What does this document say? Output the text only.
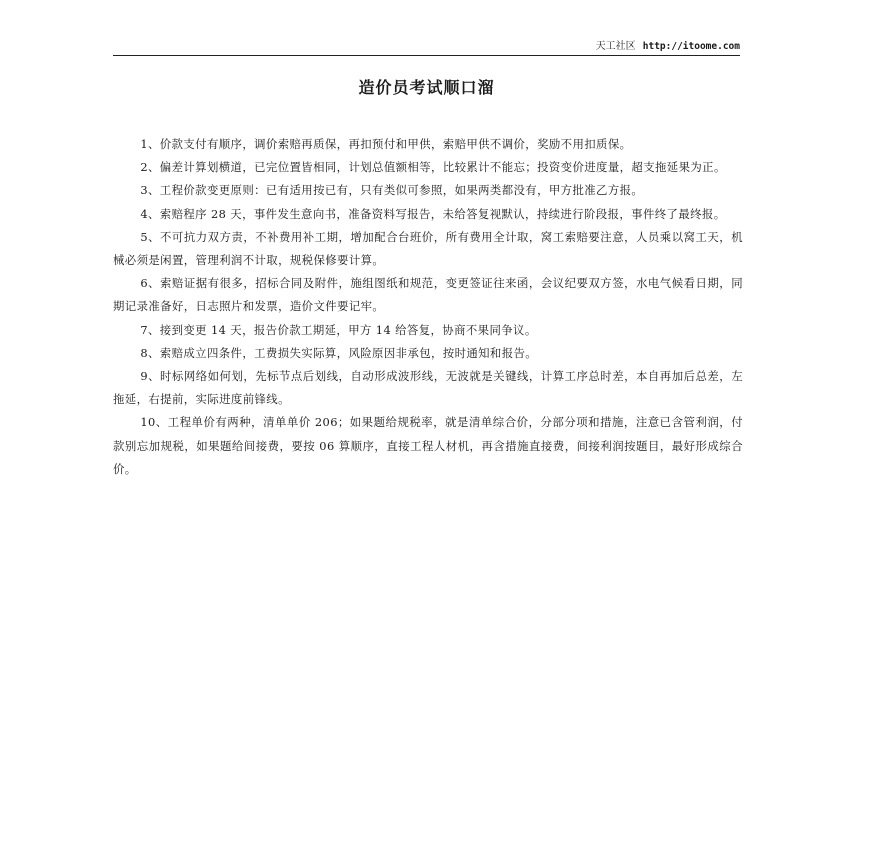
天工社区 http://itoome.com
造价员考试顺口溜

1、价款支付有顺序，调价索赔再质保，再扣预付和甲供，索赔甲供不调价，奖励不用扣质保。

2、偏差计算划横道，已完位置皆相同，计划总值额相等，比较累计不能忘；投资变价进度量，超支拖延果为正。

3、工程价款变更原则：已有适用按已有，只有类似可参照，如果两类都没有，甲方批准乙方报。

4、索赔程序 28 天，事件发生意向书，准备资料写报告，未给答复视默认，持续进行阶段报，事件终了最终报。

5、不可抗力双方责，不补费用补工期，增加配合台班价，所有费用全计取，窝工索赔要注意，人员乘以窝工天，机械必须是闲置，管理利润不计取，规税保修要计算。

6、索赔证据有很多，招标合同及附件，施组图纸和规范，变更签证往来函，会议纪要双方签，水电气候看日期，同期记录准备好，日志照片和发票，造价文件要记牢。

7、接到变更 14 天，报告价款工期延，甲方 14 给答复，协商不果同争议。

8、索赔成立四条件，工费损失实际算，风险原因非承包，按时通知和报告。

9、时标网络如何划，先标节点后划线，自动形成波形线，无波就是关键线，计算工序总时差，本自再加后总差，左拖延，右提前，实际进度前锋线。

10、工程单价有两种，清单单价 206；如果题给规税率，就是清单综合价，分部分项和措施，注意已含管利润，付款别忘加规税，如果题给间接费，要按 06 算顺序，直接工程人材机，再含措施直接费，间接利润按题目，最好形成综合价。
